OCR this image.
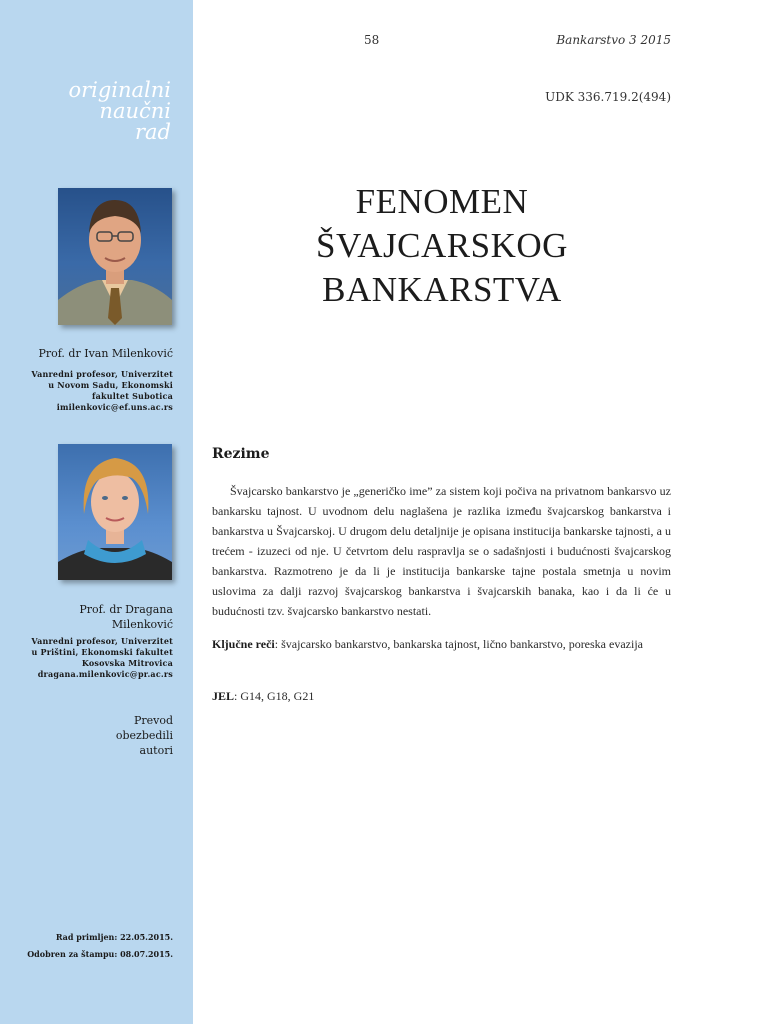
originalni
naučni
rad
Prof. dr Ivan Milenković
Vanredni profesor, Univerzitet
u Novom Sadu, Ekonomski
fakultet Subotica
imilenkovic@ef.uns.ac.rs
Prof. dr Dragana
Milenković
Vanredni profesor, Univerzitet
u Prištini, Ekonomski fakultet
Kosovska Mitrovica
dragana.milenkovic@pr.ac.rs
Prevod
obezbedili
autori
Rad primljen: 22.05.2015.
Odobren za štampu: 08.07.2015.
58	Bankarstvo 3 2015
UDK 336.719.2(494)
FENOMEN
ŠVAJCARSKOG
BANKARSTVA
Rezime
Švajcarsko bankarstvo je „generičko ime” za sistem koji počiva na privatnom bankarsvo uz bankarsku tajnost. U uvodnom delu naglašena je razlika između švajcarskog bankarstva i bankarstva u Švajcarskoj. U drugom delu detaljnije je opisana institucija bankarske tajnosti, a u trećem - izuzeci od nje. U četvrtom delu raspravlja se o sadašnjosti i budućnosti švajcarskog bankarstva. Razmotreno je da li je institucija bankarske tajne postala smetnja u novim uslovima za dalji razvoj švajcarskog bankarstva i švajcarskih banaka, kao i da li će u budućnosti tzv. švajcarsko bankarstvo nestati.
Ključne reči: švajcarsko bankarstvo, bankarska tajnost, lično bankarstvo, poreska evazija
JEL: G14, G18, G21
